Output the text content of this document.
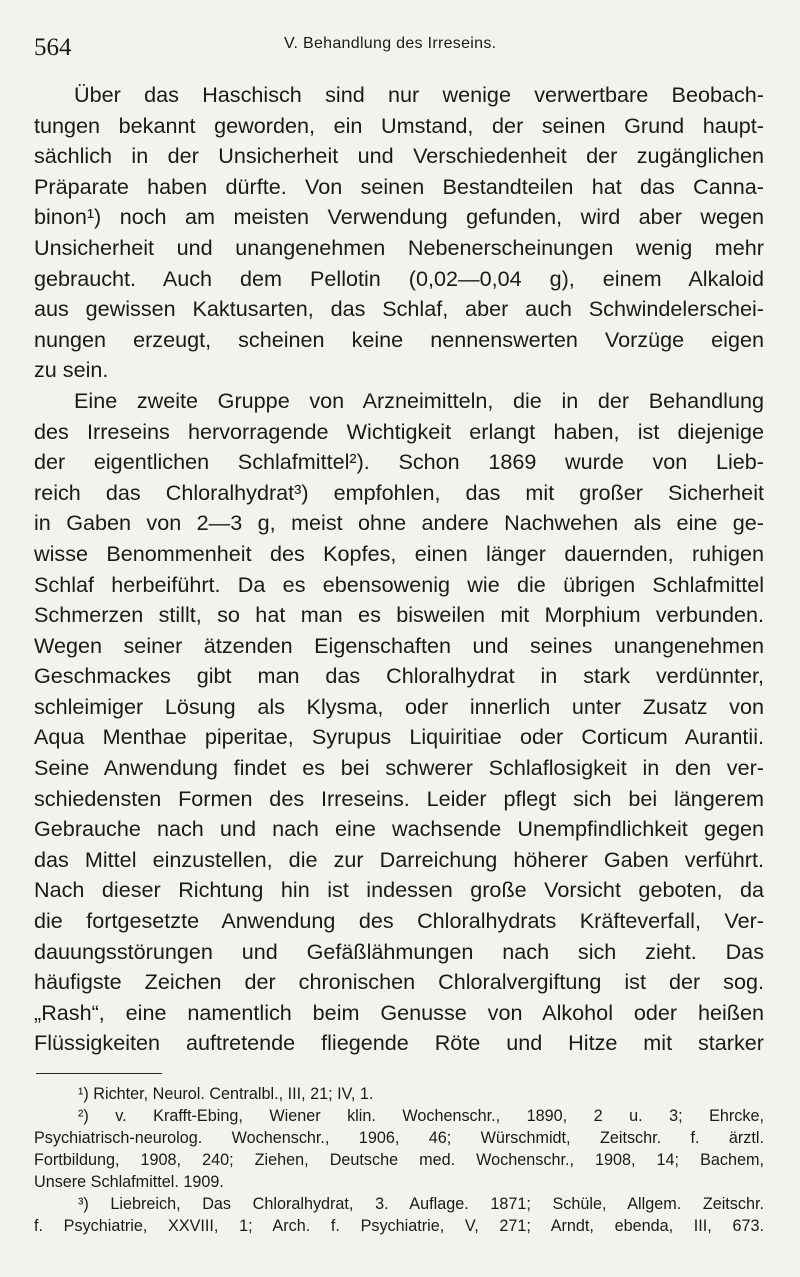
564	V. Behandlung des Irreseins.
Über das Haschisch sind nur wenige verwertbare Beobach-
tungen bekannt geworden, ein Umstand, der seinen Grund haupt-
sächlich in der Unsicherheit und Verschiedenheit der zugänglichen
Präparate haben dürfte. Von seinen Bestandteilen hat das Canna-
binon¹) noch am meisten Verwendung gefunden, wird aber wegen
Unsicherheit und unangenehmen Nebenerscheinungen wenig mehr
gebraucht. Auch dem Pellotin (0,02—0,04 g), einem Alkaloid
aus gewissen Kaktusarten, das Schlaf, aber auch Schwindelerschei-
nungen erzeugt, scheinen keine nennenswerten Vorzüge eigen
zu sein.
Eine zweite Gruppe von Arzneimitteln, die in der Behandlung
des Irreseins hervorragende Wichtigkeit erlangt haben, ist diejenige
der eigentlichen Schlafmittel²). Schon 1869 wurde von Lieb-
reich das Chloralhydrat³) empfohlen, das mit großer Sicherheit
in Gaben von 2—3 g, meist ohne andere Nachwehen als eine ge-
wisse Benommenheit des Kopfes, einen länger dauernden, ruhigen
Schlaf herbeiführt. Da es ebensowenig wie die übrigen Schlafmittel
Schmerzen stillt, so hat man es bisweilen mit Morphium verbunden.
Wegen seiner ätzenden Eigenschaften und seines unangenehmen
Geschmackes gibt man das Chloralhydrat in stark verdünnter,
schleimiger Lösung als Klysma, oder innerlich unter Zusatz von
Aqua Menthae piperitae, Syrupus Liquiritiae oder Corticum Aurantii.
Seine Anwendung findet es bei schwerer Schlaflosigkeit in den ver-
schiedensten Formen des Irreseins. Leider pflegt sich bei längerem
Gebrauche nach und nach eine wachsende Unempfindlichkeit gegen
das Mittel einzustellen, die zur Darreichung höherer Gaben verführt.
Nach dieser Richtung hin ist indessen große Vorsicht geboten, da
die fortgesetzte Anwendung des Chloralhydrats Kräfteverfall, Ver-
dauungsstörungen und Gefäßlähmungen nach sich zieht. Das
häufigste Zeichen der chronischen Chloralvergiftung ist der sog.
„Rash“, eine namentlich beim Genusse von Alkohol oder heißen
Flüssigkeiten auftretende fliegende Röte und Hitze mit starker
¹) Richter, Neurol. Centralbl., III, 21; IV, 1.
²) v. Krafft-Ebing, Wiener klin. Wochenschr., 1890, 2 u. 3; Ehrcke,
Psychiatrisch-neurolog. Wochenschr., 1906, 46; Würschmidt, Zeitschr. f. ärztl.
Fortbildung, 1908, 240; Ziehen, Deutsche med. Wochenschr., 1908, 14; Bachem,
Unsere Schlafmittel. 1909.
³) Liebreich, Das Chloralhydrat, 3. Auflage. 1871; Schüle, Allgem. Zeitschr.
f. Psychiatrie, XXVIII, 1; Arch. f. Psychiatrie, V, 271; Arndt, ebenda, III, 673.
